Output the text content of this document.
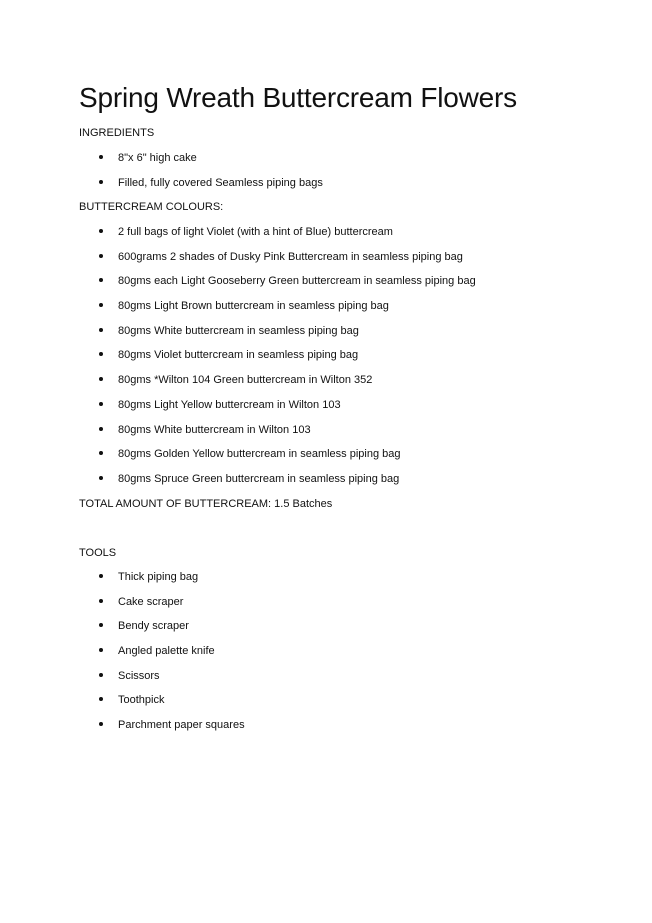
Spring Wreath Buttercream Flowers

INGREDIENTS

8"x 6" high cake
Filled, fully covered Seamless piping bags

BUTTERCREAM COLOURS:

2 full bags of light Violet (with a hint of Blue) buttercream
600grams 2 shades of Dusky Pink Buttercream in seamless piping bag
80gms each Light Gooseberry Green buttercream in seamless piping bag
80gms Light Brown buttercream in seamless piping bag
80gms White buttercream in seamless piping bag
80gms Violet buttercream in seamless piping bag
80gms *Wilton 104 Green buttercream in Wilton 352
80gms Light Yellow buttercream in Wilton 103
80gms White buttercream in Wilton 103
80gms Golden Yellow buttercream in seamless piping bag
80gms Spruce Green buttercream in seamless piping bag

TOTAL AMOUNT OF BUTTERCREAM: 1.5 Batches

TOOLS

Thick piping bag
Cake scraper
Bendy scraper
Angled palette knife
Scissors
Toothpick
Parchment paper squares
